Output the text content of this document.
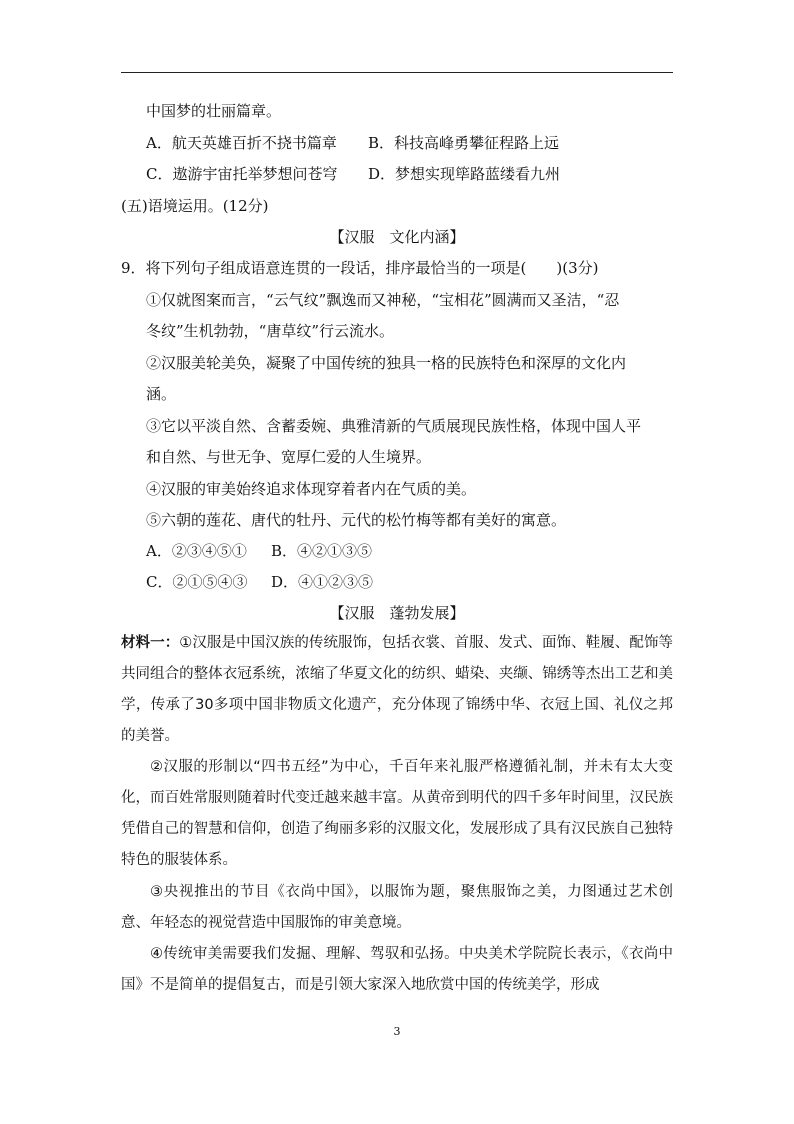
中国梦的壮丽篇章。
A．航天英雄百折不挠书篇章 B．科技高峰勇攀征程路上远
C．遨游宇宙托举梦想问苍穹 D．梦想实现筚路蓝缕看九州
(五)语境运用。(12分)
【汉服　文化内涵】
9．将下列句子组成语意连贯的一段话，排序最恰当的一项是(　　)(3分)
①仅就图案而言，“云气纹”飘逸而又神秘，“宝相花”圆满而又圣洁，“忍
冬纹”生机勃勃，“唐草纹”行云流水。
②汉服美轮美奂，凝聚了中国传统的独具一格的民族特色和深厚的文化内
涵。
③它以平淡自然、含蓄委婉、典雅清新的气质展现民族性格，体现中国人平
和自然、与世无争、宽厚仁爱的人生境界。
④汉服的审美始终追求体现穿着者内在气质的美。
⑤六朝的莲花、唐代的牡丹、元代的松竹梅等都有美好的寓意。
A．②③④⑤① B．④②①③⑤
C．②①⑤④③ D．④①②③⑤
【汉服　蓬勃发展】
材料一：①汉服是中国汉族的传统服饰，包括衣裳、首服、发式、面饰、鞋履、配饰等共同组合的整体衣冠系统，浓缩了华夏文化的纺织、蜡染、夹缬、锦绣等杰出工艺和美学，传承了30多项中国非物质文化遗产，充分体现了锦绣中华、衣冠上国、礼仪之邦的美誉。
②汉服的形制以“四书五经”为中心，千百年来礼服严格遵循礼制，并未有太大变化，而百姓常服则随着时代变迁越来越丰富。从黄帝到明代的四千多年时间里，汉民族凭借自己的智慧和信仰，创造了绚丽多彩的汉服文化，发展形成了具有汉民族自己独特特色的服装体系。
③央视推出的节目《衣尚中国》，以服饰为题，聚焦服饰之美，力图通过艺术创意、年轻态的视觉营造中国服饰的审美意境。
④传统审美需要我们发掘、理解、驾驭和弘扬。中央美术学院院长表示，《衣尚中国》不是简单的提倡复古，而是引领大家深入地欣赏中国的传统美学，形成
3
